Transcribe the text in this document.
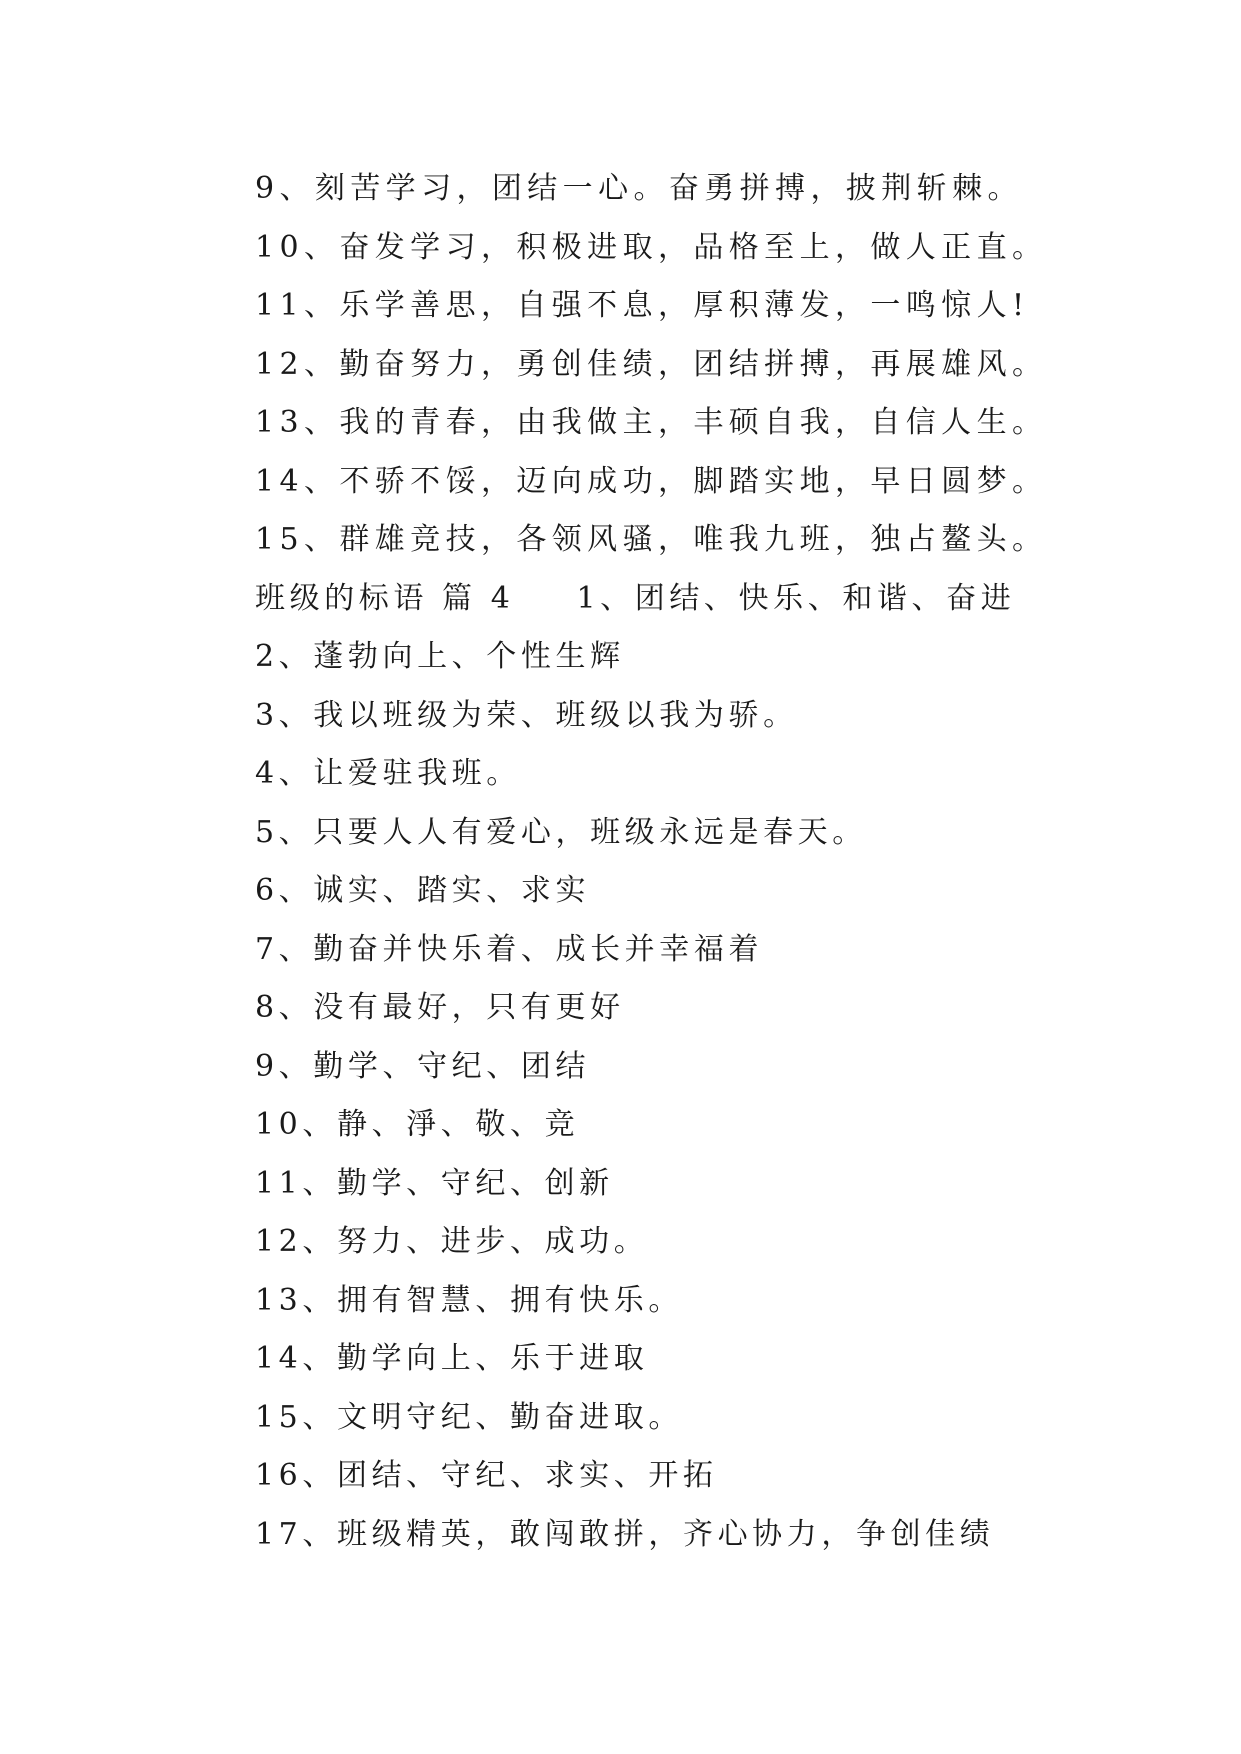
9、刻苦学习，团结一心。奋勇拼搏，披荆斩棘。
10、奋发学习，积极进取，品格至上，做人正直。
11、乐学善思，自强不息，厚积薄发，一鸣惊人!
12、勤奋努力，勇创佳绩，团结拼搏，再展雄风。
13、我的青春，由我做主，丰硕自我，自信人生。
14、不骄不馁，迈向成功，脚踏实地，早日圆梦。
15、群雄竞技，各领风骚，唯我九班，独占鳌头。
班级的标语 篇 4 1、团结、快乐、和谐、奋进
2、蓬勃向上、个性生辉
3、我以班级为荣、班级以我为骄。
4、让爱驻我班。
5、只要人人有爱心，班级永远是春天。
6、诚实、踏实、求实
7、勤奋并快乐着、成长并幸福着
8、没有最好，只有更好
9、勤学、守纪、团结
10、静、淨、敬、竞
11、勤学、守纪、创新
12、努力、进步、成功。
13、拥有智慧、拥有快乐。
14、勤学向上、乐于进取
15、文明守纪、勤奋进取。
16、团结、守纪、求实、开拓
17、班级精英，敢闯敢拼，齐心协力，争创佳绩
